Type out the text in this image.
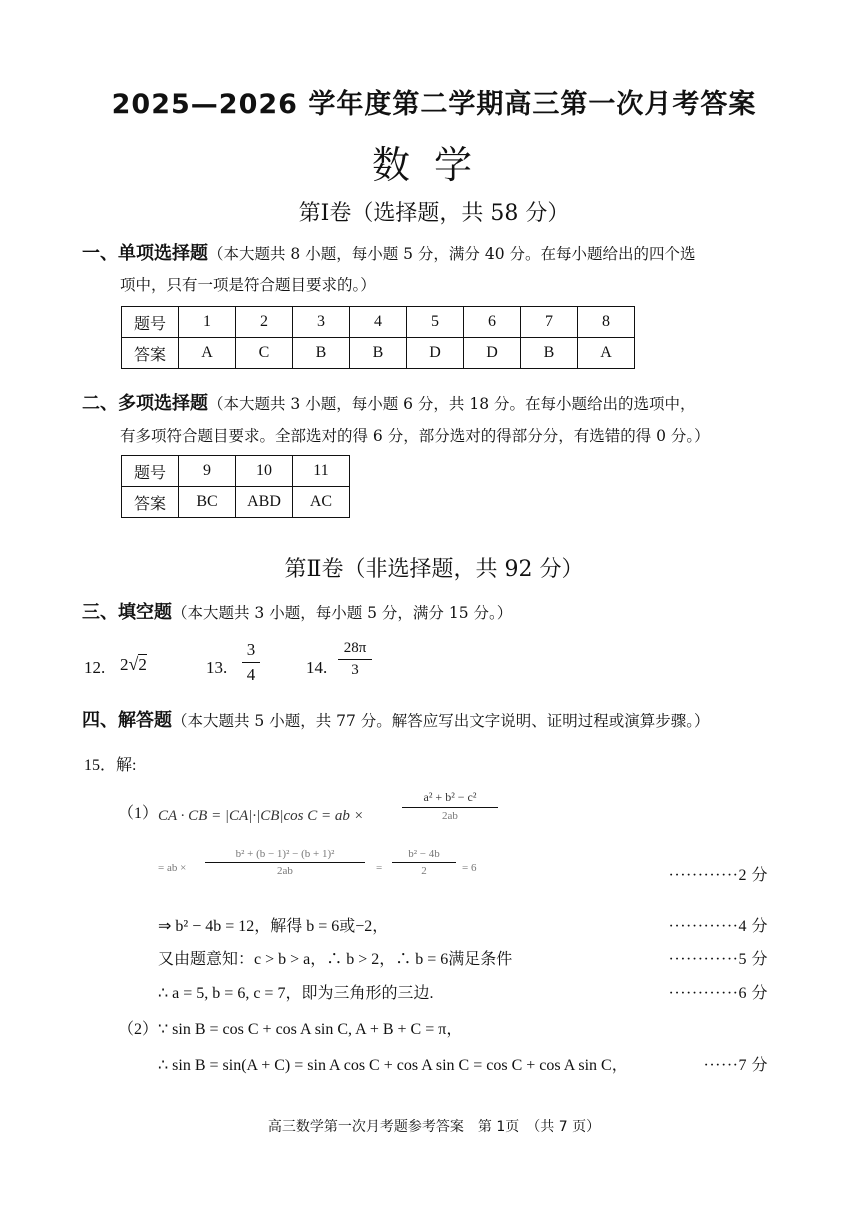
2025—2026 学年度第二学期高三第一次月考答案
数学
第Ⅰ卷（选择题，共 58 分）
一、单项选择题（本大题共 8 小题，每小题 5 分，满分 40 分。在每小题给出的四个选
项中，只有一项是符合题目要求的。）
题号	1	2	3	4	5	6	7	8
答案	A	C	B	B	D	D	B	A
二、多项选择题（本大题共 3 小题，每小题 6 分，共 18 分。在每小题给出的选项中，
有多项符合题目要求。全部选对的得 6 分，部分选对的得部分分，有选错的得 0 分。）
题号	9	10	11
答案	BC	ABD	AC
第Ⅱ卷（非选择题，共 92 分）
三、填空题（本大题共 3 小题，每小题 5 分，满分 15 分。）
12. 2√2	13. $\frac{3}{4}$	14. $\frac{28\pi}{3}$
四、解答题（本大题共 5 小题，共 77 分。解答应写出文字说明、证明过程或演算步骤。）
15．解:
（1） CA · CB = |CA|·|CB|cos C = ab ×	$\frac{\text{a² + b² − c²}}{2ab}$
= ab × $\frac{\text{b² + (b − 1)² − (b + 1)²}}{2ab} = \frac{\text{b² − 4b}}{2} = 6$	············2 分
⇒ b² − 4b = 12，解得 b = 6或−2，	············4 分
又由题意知：c > b > a，∴ b > 2，∴ b = 6满足条件	············5 分
∴ a = 5, b = 6, c = 7，即为三角形的三边.	············6 分
（2） ∵ sin B = cos C + cos A sin C, A + B + C = π，
∴ sin B = sin(A + C) = sin A cos C + cos A sin C = cos C + cos A sin C，	······7 分
高三数学第一次月考题参考答案　第 1页　（共 7 页）
